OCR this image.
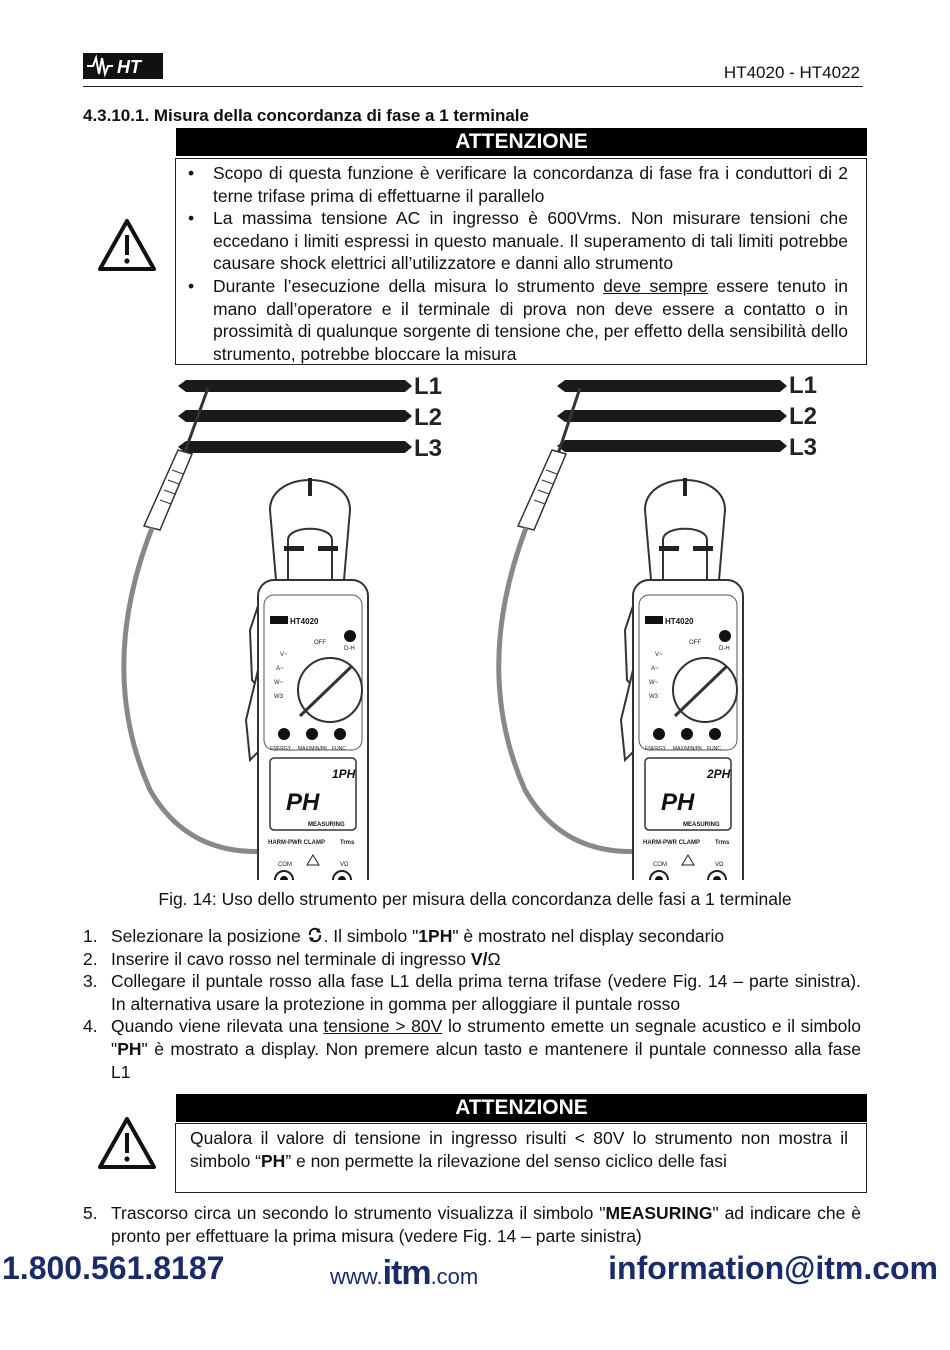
HT	HT4020 - HT4022
4.3.10.1. Misura della concordanza di fase a 1 terminale
ATTENZIONE
• Scopo di questa funzione è verificare la concordanza di fase fra i conduttori di 2 terne trifase prima di effettuarne il parallelo
• La massima tensione AC in ingresso è 600Vrms. Non misurare tensioni che eccedano i limiti espressi in questo manuale. Il superamento di tali limiti potrebbe causare shock elettrici all’utilizzatore e danni allo strumento
• Durante l’esecuzione della misura lo strumento deve sempre essere tenuto in mano dall’operatore e il terminale di prova non deve essere a contatto o in prossimità di qualunque sorgente di tensione che, per effetto della sensibilità dello strumento, potrebbe bloccare la misura
L1
L2
L3
HT4020
OFF
V~
A~
W~
W3
D-H
ENERGY MAX/MIN/PK FUNC
1PH
PH
MEASURING
HARM-PWR CLAMP	Trms
COM	VΩ
L1
L2
L3
HT4020
OFF
V~
A~
W~
W3
D-H
ENERGY MAX/MIN/PK FUNC
2PH
PH
MEASURING
HARM-PWR CLAMP	Trms
COM	VΩ
Fig. 14: Uso dello strumento per misura della concordanza delle fasi a 1 terminale
1. Selezionare la posizione . Il simbolo "1PH" è mostrato nel display secondario
2. Inserire il cavo rosso nel terminale di ingresso V/Ω
3. Collegare il puntale rosso alla fase L1 della prima terna trifase (vedere Fig. 14 – parte sinistra). In alternativa usare la protezione in gomma per alloggiare il puntale rosso
4. Quando viene rilevata una tensione > 80V lo strumento emette un segnale acustico e il simbolo "PH" è mostrato a display. Non premere alcun tasto e mantenere il puntale connesso alla fase L1
ATTENZIONE
Qualora il valore di tensione in ingresso risulti < 80V lo strumento non mostra il simbolo “PH” e non permette la rilevazione del senso ciclico delle fasi
5. Trascorso circa un secondo lo strumento visualizza il simbolo "MEASURING" ad indicare che è pronto per effettuare la prima misura (vedere Fig. 14 – parte sinistra)
1.800.561.8187	www.itm.com	information@itm.com
